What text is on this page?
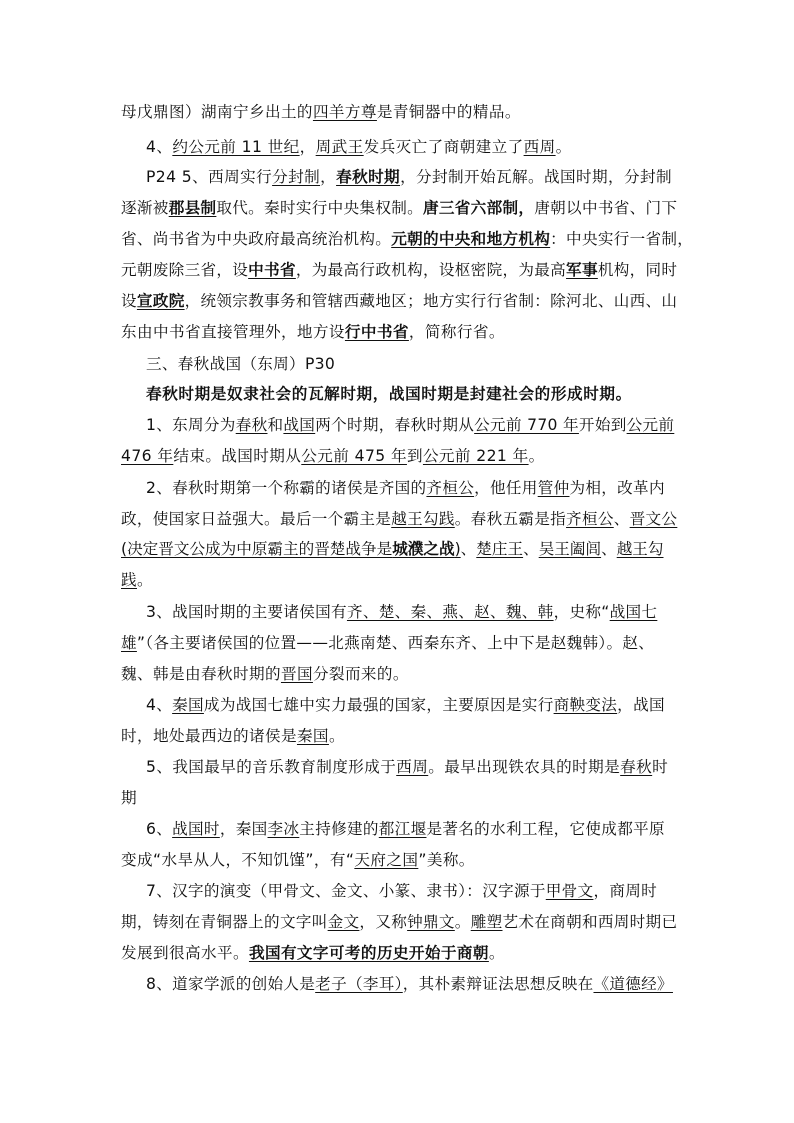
母戊鼎图）湖南宁乡出土的四羊方尊是青铜器中的精品。
4、约公元前 11 世纪，周武王发兵灭亡了商朝建立了西周。
P24 5、西周实行分封制，春秋时期，分封制开始瓦解。战国时期，分封制
逐渐被郡县制取代。秦时实行中央集权制。唐三省六部制，唐朝以中书省、门下
省、尚书省为中央政府最高统治机构。元朝的中央和地方机构：中央实行一省制，
元朝废除三省，设中书省，为最高行政机构，设枢密院，为最高军事机构，同时
设宣政院，统领宗教事务和管辖西藏地区；地方实行行省制：除河北、山西、山
东由中书省直接管理外，地方设行中书省，简称行省。
三、春秋战国（东周）P30
春秋时期是奴隶社会的瓦解时期，战国时期是封建社会的形成时期。
1、东周分为春秋和战国两个时期，春秋时期从公元前 770 年开始到公元前
476 年结束。战国时期从公元前 475 年到公元前 221 年。
2、春秋时期第一个称霸的诸侯是齐国的齐桓公，他任用管仲为相，改革内
政，使国家日益强大。最后一个霸主是越王勾践。春秋五霸是指齐桓公、晋文公
(决定晋文公成为中原霸主的晋楚战争是城濮之战)、楚庄王、吴王阖闾、越王勾
践。
3、战国时期的主要诸侯国有齐、楚、秦、燕、赵、魏、韩，史称“战国七
雄”（各主要诸侯国的位置——北燕南楚、西秦东齐、上中下是赵魏韩）。赵、
魏、韩是由春秋时期的晋国分裂而来的。
4、秦国成为战国七雄中实力最强的国家，主要原因是实行商鞅变法，战国
时，地处最西边的诸侯是秦国。
5、我国最早的音乐教育制度形成于西周。最早出现铁农具的时期是春秋时
期
6、战国时，秦国李冰主持修建的都江堰是著名的水利工程，它使成都平原
变成“水旱从人，不知饥馑”，有“天府之国”美称。
7、汉字的演变（甲骨文、金文、小篆、隶书）：汉字源于甲骨文，商周时
期，铸刻在青铜器上的文字叫金文，又称钟鼎文。雕塑艺术在商朝和西周时期已
发展到很高水平。我国有文字可考的历史开始于商朝。
8、道家学派的创始人是老子（李耳），其朴素辩证法思想反映在《道德经》
